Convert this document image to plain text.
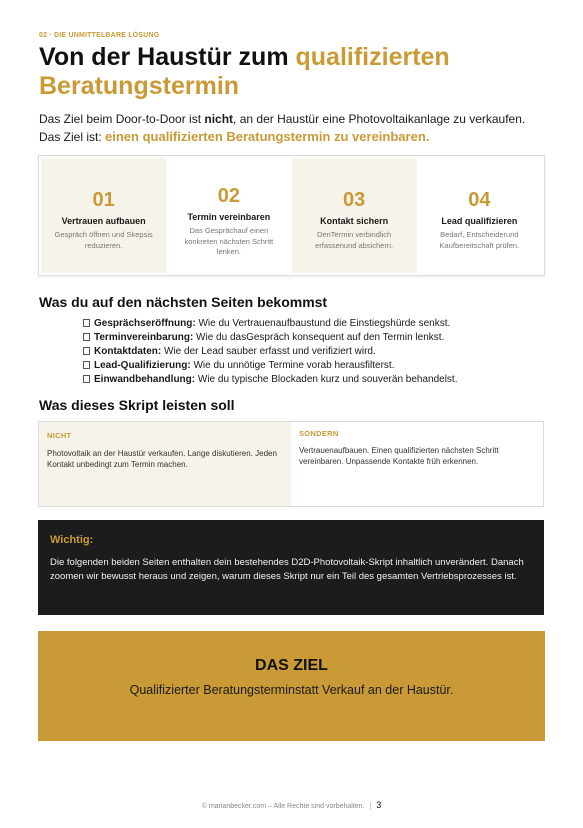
02 · DIE UNMITTELBARE LÖSUNG
Von der Haustür zum qualifizierten Beratungstermin
Das Ziel beim Door-to-Door ist nicht, an der Haustür eine Photovoltaikanlage zu verkaufen.
Das Ziel ist: einen qualifizierten Beratungstermin zu vereinbaren.
01
Vertrauen aufbauen
Gespräch öffnen und Skepsis reduzieren.
02
Termin vereinbaren
Das Gesprächauf einen konkreten nächsten Schritt lenken.
03
Kontakt sichern
DenTermin verbindlich erfassenund absichern.
04
Lead qualifizieren
Bedarf, Entscheiderund Kaufbereitschaft prüfen.
Was du auf den nächsten Seiten bekommst
Gesprächseröffnung: Wie du Vertrauenaufbaustund die Einstiegshürde senkst.
Terminvereinbarung: Wie du dasGespräch konsequent auf den Termin lenkst.
Kontaktdaten: Wie der Lead sauber erfasst und verifiziert wird.
Lead-Qualifizierung: Wie du unnötige Termine vorab herausfilterst.
Einwandbehandlung: Wie du typische Blockaden kurz und souverän behandelst.
Was dieses Skript leisten soll
NICHT
Photovoltaik an der Haustür verkaufen. Lange diskutieren. Jeden Kontakt unbedingt zum Termin machen.
SONDERN
Vertrauenaufbauen. Einen qualifizierten nächsten Schritt vereinbaren. Unpassende Kontakte früh erkennen.
Wichtig:
Die folgenden beiden Seiten enthalten dein bestehendes D2D-Photovoltaik-Skript inhaltlich unverändert. Danach zoomen wir bewusst heraus und zeigen, warum dieses Skript nur ein Teil des gesamten Vertriebsprozesses ist.
DAS ZIEL
Qualifizierter Beratungsterminstatt Verkauf an der Haustür.
© marianbecker.com – Alle Rechte sind vorbehalten. | 3
